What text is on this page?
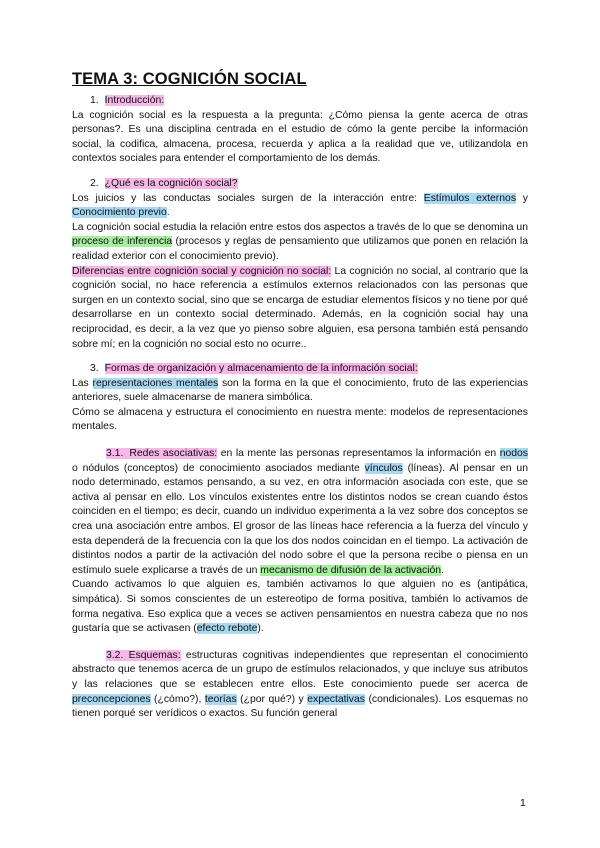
TEMA 3: COGNICIÓN SOCIAL
1. Introducción:

La cognición social es la respuesta a la pregunta: ¿Cómo piensa la gente acerca de otras personas?. Es una disciplina centrada en el estudio de cómo la gente percibe la información social, la codifica, almacena, procesa, recuerda y aplica a la realidad que ve, utilizandola en contextos sociales para entender el comportamiento de los demás.

2. ¿Qué es la cognición social?

Los juicios y las conductas sociales surgen de la interacción entre: Estímulos externos y Conocimiento previo.

La cognición social estudia la relación entre estos dos aspectos a través de lo que se denomina un proceso de inferencia (procesos y reglas de pensamiento que utilizamos que ponen en relación la realidad exterior con el conocimiento previo).

Diferencias entre cognición social y cognición no social: La cognición no social, al contrario que la cognición social, no hace referencia a estímulos externos relacionados con las personas que surgen en un contexto social, sino que se encarga de estudiar elementos físicos y no tiene por qué desarrollarse en un contexto social determinado. Además, en la cognición social hay una reciprocidad, es decir, a la vez que yo pienso sobre alguien, esa persona también está pensando sobre mí; en la cognición no social esto no ocurre..

3. Formas de organización y almacenamiento de la información social:

Las representaciones mentales son la forma en la que el conocimiento, fruto de las experiencias anteriores, suele almacenarse de manera simbólica.

Cómo se almacena y estructura el conocimiento en nuestra mente: modelos de representaciones mentales.

3.1. Redes asociativas: en la mente las personas representamos la información en nodos o nódulos (conceptos) de conocimiento asociados mediante vínculos (líneas). Al pensar en un nodo determinado, estamos pensando, a su vez, en otra información asociada con este, que se activa al pensar en ello. Los vínculos existentes entre los distintos nodos se crean cuando éstos coinciden en el tiempo; es decir, cuando un individuo experimenta a la vez sobre dos conceptos se crea una asociación entre ambos. El grosor de las líneas hace referencia a la fuerza del vínculo y esta dependerá de la frecuencia con la que los dos nodos coincidan en el tiempo. La activación de distintos nodos a partir de la activación del nodo sobre el que la persona recibe o piensa en un estímulo suele explicarse a través de un mecanismo de difusión de la activación.

Cuando activamos lo que alguien es, también activamos lo que alguien no es (antipática, simpática). Si somos conscientes de un estereotipo de forma positiva, también lo activamos de forma negativa. Eso explica que a veces se activen pensamientos en nuestra cabeza que no nos gustaría que se activasen (efecto rebote).

3.2. Esquemas: estructuras cognitivas independientes que representan el conocimiento abstracto que tenemos acerca de un grupo de estímulos relacionados, y que incluye sus atributos y las relaciones que se establecen entre ellos. Este conocimiento puede ser acerca de preconcepciones (¿cómo?), teorías (¿por qué?) y expectativas (condicionales). Los esquemas no tienen porqué ser verídicos o exactos. Su función general

1
